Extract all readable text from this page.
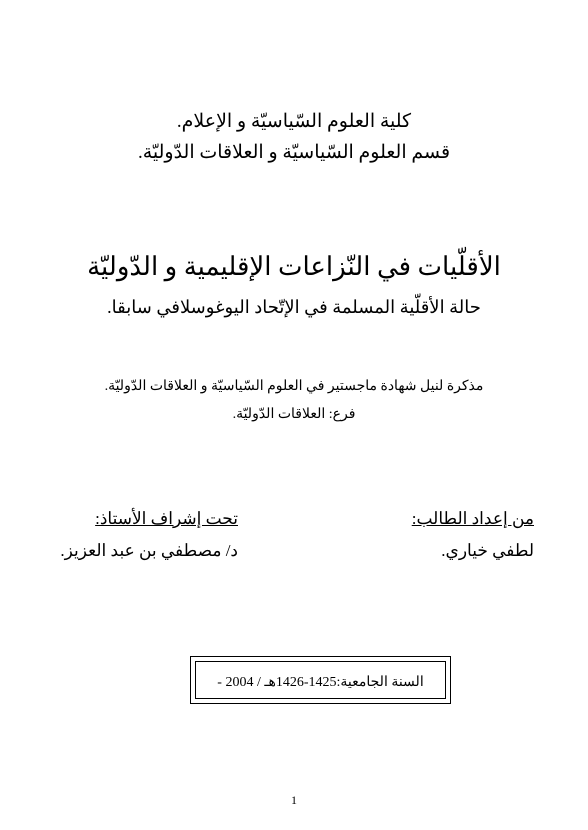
كلية العلوم السّياسيّة و الإعلام.
قسم العلوم السّياسيّة و العلاقات الدّوليّة.
الأقلّيات في النّزاعات الإقليمية و الدّوليّة
حالة الأقلّية المسلمة في الإتّحاد اليوغوسلافي سابقا.
مذكرة لنيل شهادة ماجستير في العلوم السّياسيّة و العلاقات الدّوليّة.
فرع: العلاقات الدّوليّة.
من إعداد الطالب:
لطفي خياري.
تحت إشراف الأستاذ:
د/ مصطفي بن عبد العزيز.
السنة الجامعية:1425-1426هـ / 2004 -
1
